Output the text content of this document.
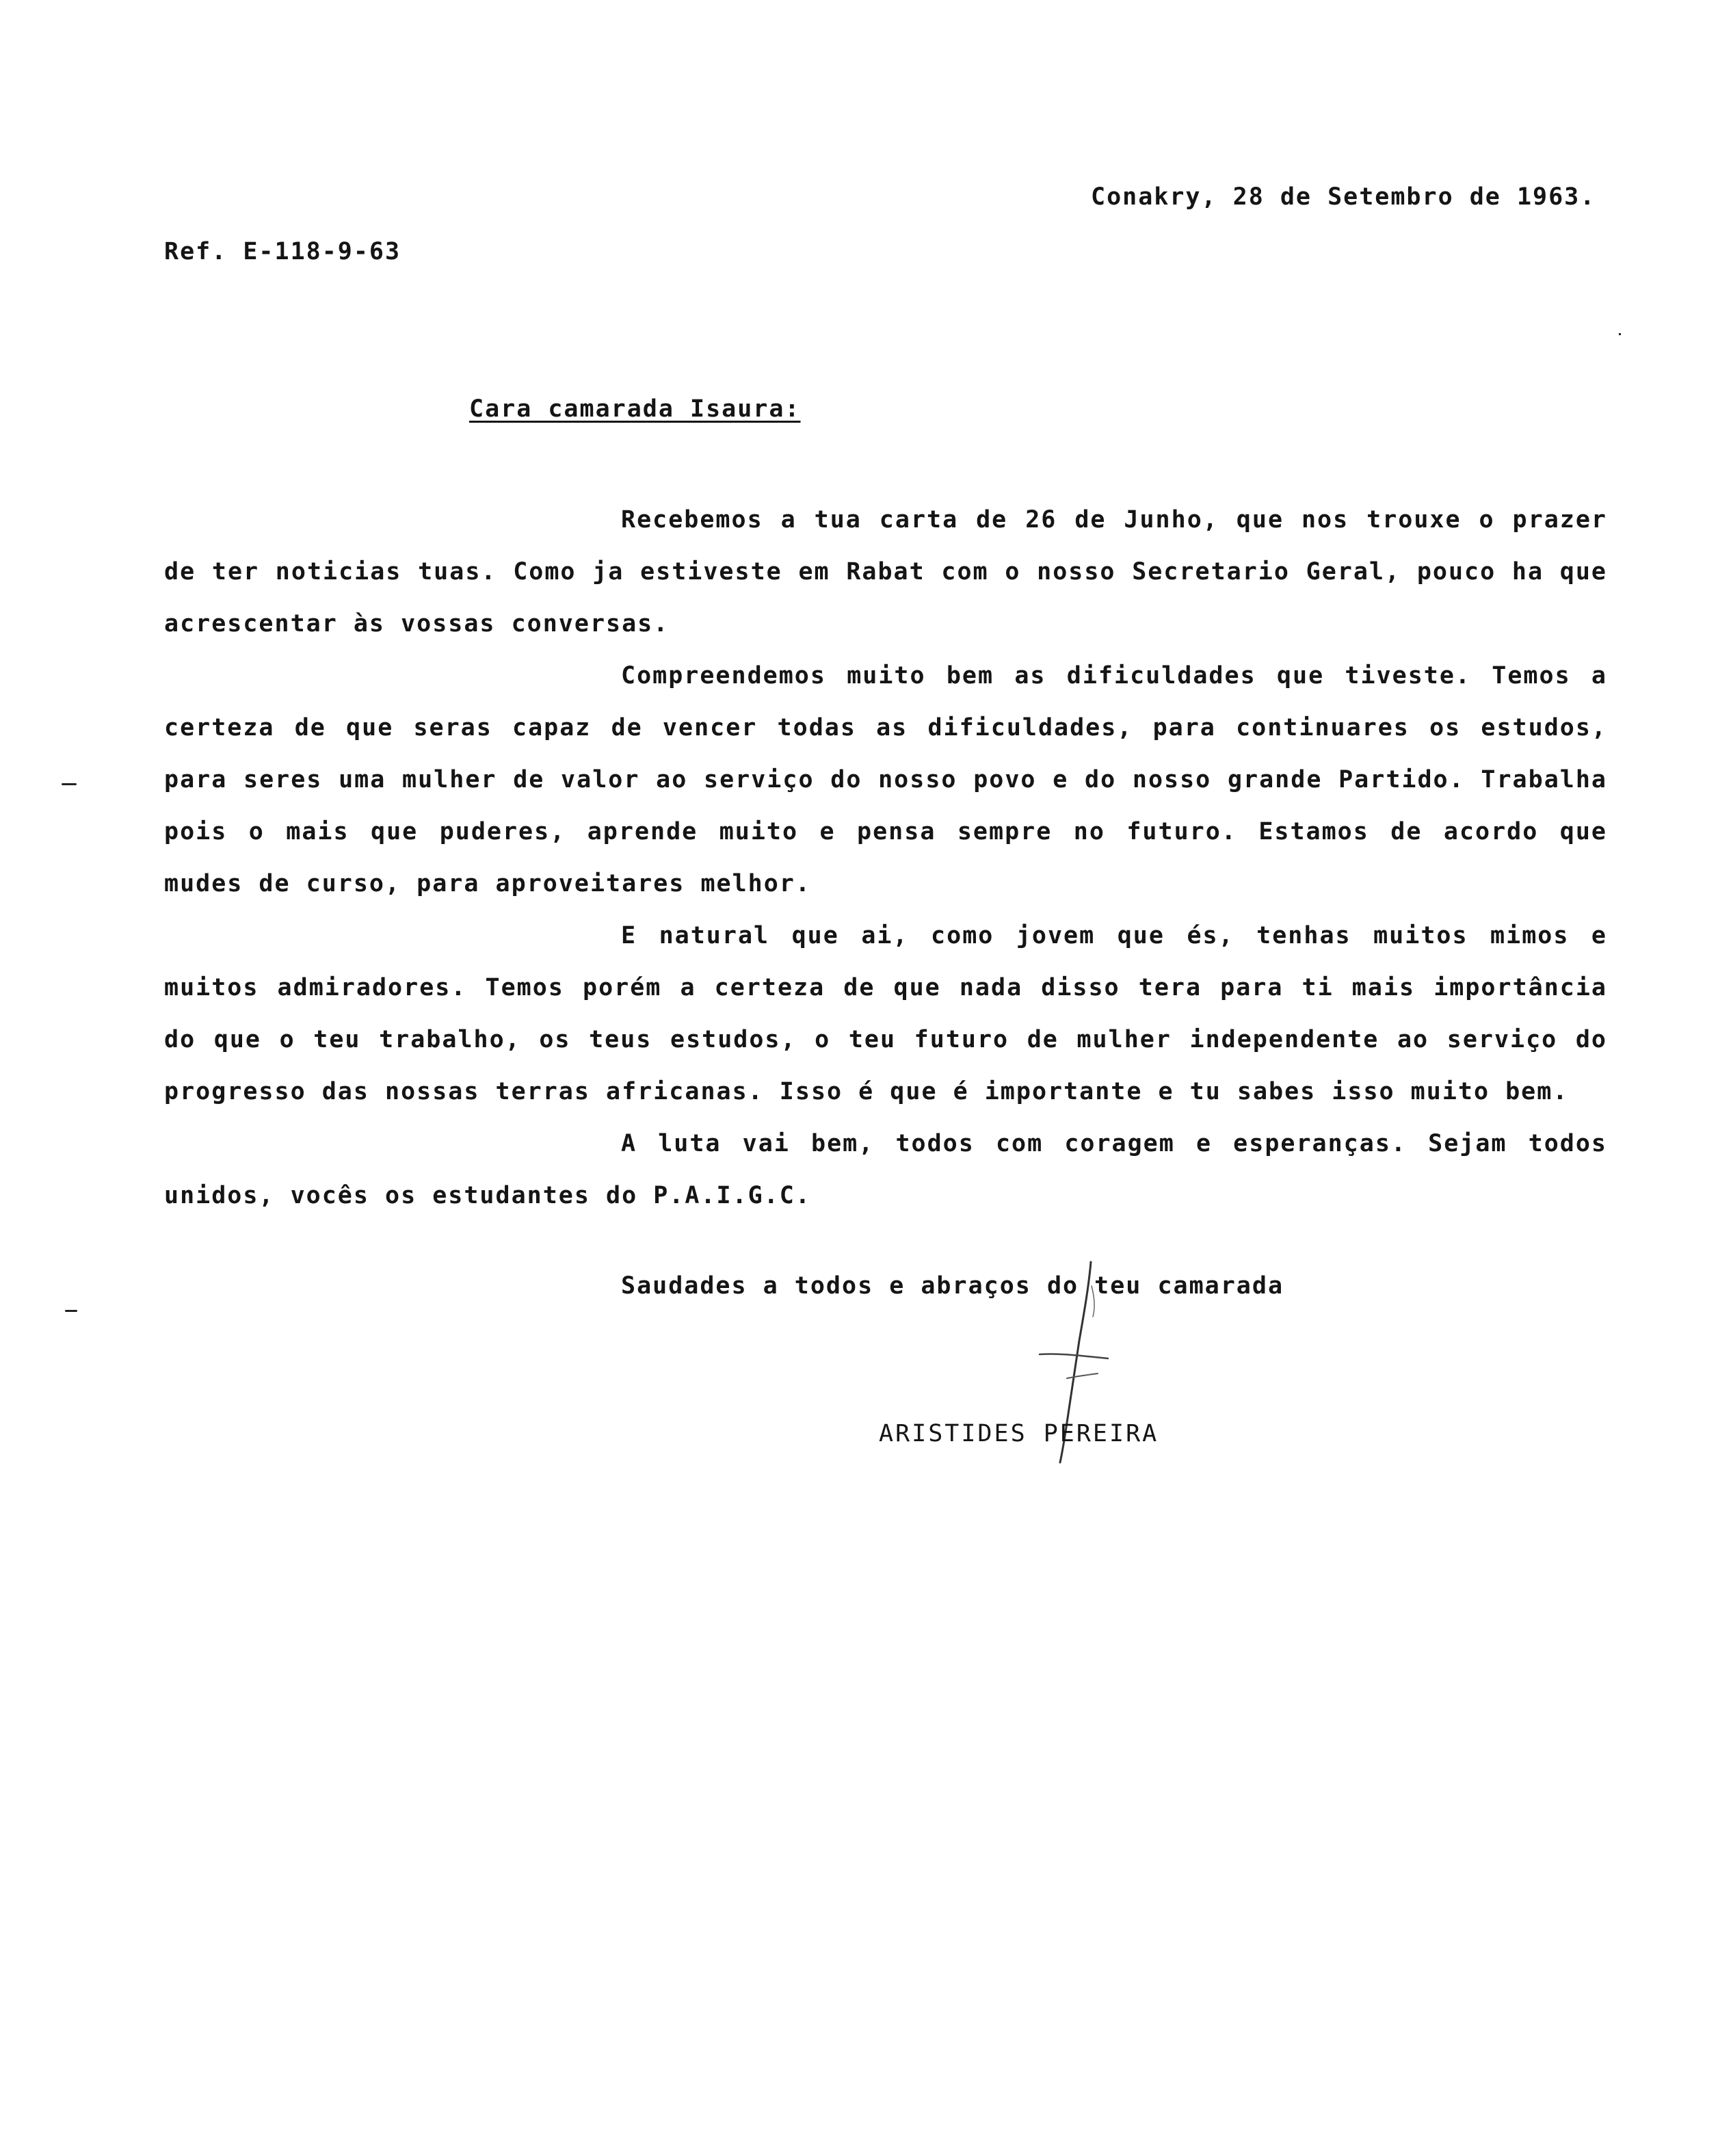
Conakry, 28 de Setembro de 1963.
Ref. E-118-9-63
Cara camarada Isaura:

Recebemos a tua carta de 26 de Junho, que nos trouxe o prazer de ter noticias tuas. Como ja estiveste em Rabat com o nosso Secretario Geral, pouco ha que acrescentar às vossas conversas.

Compreendemos muito bem as dificuldades que tiveste. Temos a certeza de que seras capaz de vencer todas as dificuldades, para continuares os estudos, para seres uma mulher de valor ao serviço do nosso povo e do nosso grande Partido. Trabalha pois o mais que puderes, aprende muito e pensa sempre no futuro. Estamos de acordo que mudes de curso, para aproveitares melhor.

E natural que ai, como jovem que és, tenhas muitos mimos e muitos admiradores. Temos porém a certeza de que nada disso tera para ti mais importância do que o teu trabalho, os teus estudos, o teu futuro de mulher independente ao serviço do progresso das nossas terras africanas. Isso é que é importante e tu sabes isso muito bem.

A luta vai bem, todos com coragem e esperanças. Sejam todos unidos, vocês os estudantes do P.A.I.G.C.

Saudades a todos e abraços do teu camarada
ARISTIDES PEREIRA
